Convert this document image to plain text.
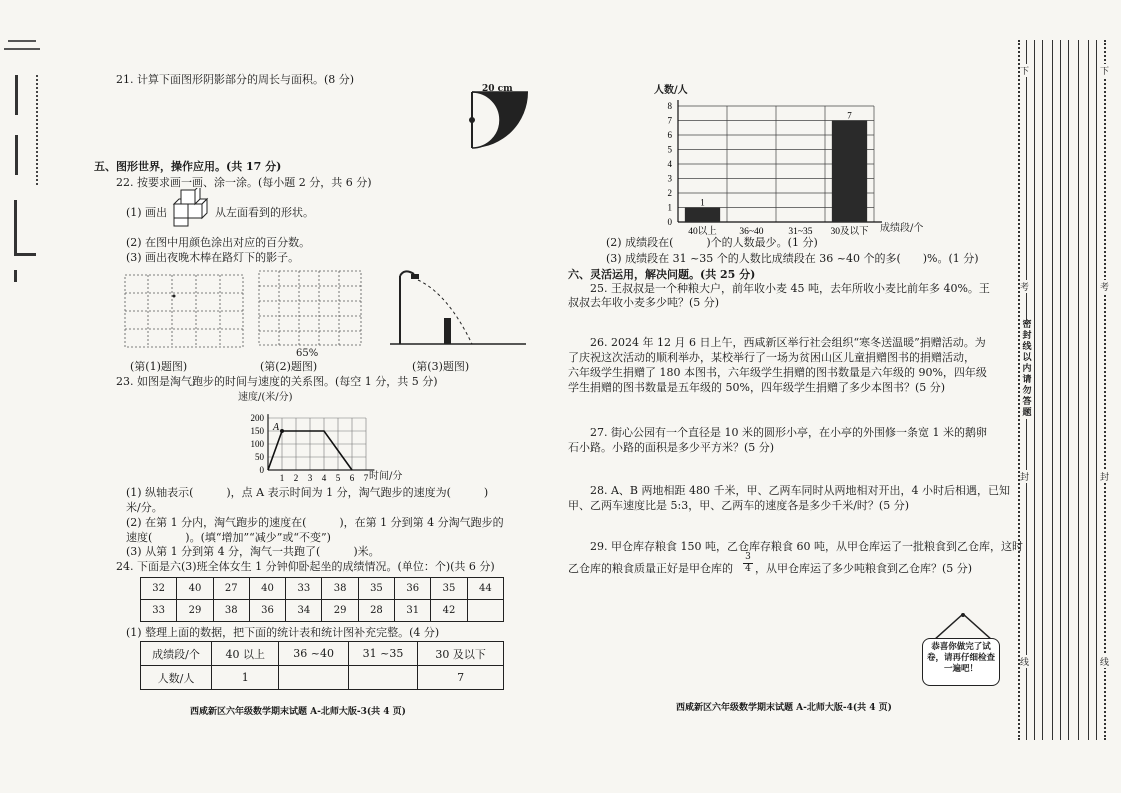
21. 计算下面图形阴影部分的周长与面积。(8 分)
20 cm
五、图形世界，操作应用。(共 17 分)
22. 按要求画一画、涂一涂。(每小题 2 分，共 6 分)
(1) 画出	从左面看到的形状。
(2) 在图中用颜色涂出对应的百分数。
(3) 画出夜晚木棒在路灯下的影子。
65%
(第(1)题图)	(第(2)题图)	(第(3)题图)
23. 如图是淘气跑步的时间与速度的关系图。(每空 1 分，共 5 分)
速度/(米/分)
200
150
100
50
0
1 2 3 4 5 6 7
A
时间/分
(1) 纵轴表示(　　　)，点 A 表示时间为 1 分，淘气跑步的速度为(　　　)
米/分。
(2) 在第 1 分内，淘气跑步的速度在(　　　)，在第 1 分到第 4 分淘气跑步的
速度(　　　)。(填“增加”“减少”或“不变”)
(3) 从第 1 分到第 4 分，淘气一共跑了(　　　)米。
24. 下面是六(3)班全体女生 1 分钟仰卧起坐的成绩情况。(单位：个)(共 6 分)
32	40	27	40	33	38	35	36	35	44
33	29	38	36	34	29	28	31	42	
(1) 整理上面的数据，把下面的统计表和统计图补充完整。(4 分)
成绩段/个	40 以上	36 ~40	31 ~35	30 及以下
人数/人	1			7
西咸新区六年级数学期末试题 A-北师大版-3(共 4 页)
人数/人
0
1
2
3
4
5
6
7
8
1
40以上 36~40	31~35
7
30及以下 成绩段/个
(2) 成绩段在(　　　)个的人数最少。(1 分)
(3) 成绩段在 31 ~35 个的人数比成绩段在 36 ~40 个的多(　　)%。(1 分)
六、灵活运用，解决问题。(共 25 分)
25. 王叔叔是一个种粮大户，前年收小麦 45 吨，去年所收小麦比前年多 40%。王
叔叔去年收小麦多少吨？(5 分)
26. 2024 年 12 月 6 日上午，西咸新区举行社会组织“寒冬送温暖”捐赠活动。为
了庆祝这次活动的顺利举办，某校举行了一场为贫困山区儿童捐赠图书的捐赠活动，
六年级学生捐赠了 180 本图书，六年级学生捐赠的图书数量是六年级的 90%，四年级
学生捐赠的图书数量是五年级的 50%，四年级学生捐赠了多少本图书？(5 分)
27. 街心公园有一个直径是 10 米的圆形小亭，在小亭的外围修一条宽 1 米的鹅卵
石小路。小路的面积是多少平方米？(5 分)
28. A、B 两地相距 480 千米，甲、乙两车同时从两地相对开出，4 小时后相遇，已知
甲、乙两车速度比是 5:3，甲、乙两车的速度各是多少千米/时？(5 分)
29. 甲仓库存粮食 150 吨，乙仓库存粮食 60 吨，从甲仓库运了一批粮食到乙仓库，这时
乙仓库的粮食质量正好是甲仓库的 $\frac{3}{4}$ ，从甲仓库运了多少吨粮食到乙仓库？(5 分)
恭喜你做完了试卷，请再仔细检查一遍吧！
西咸新区六年级数学期末试题 A-北师大版-4(共 4 页)
密封线以内请勿答题
下
考
封
线
下
考
封
线
